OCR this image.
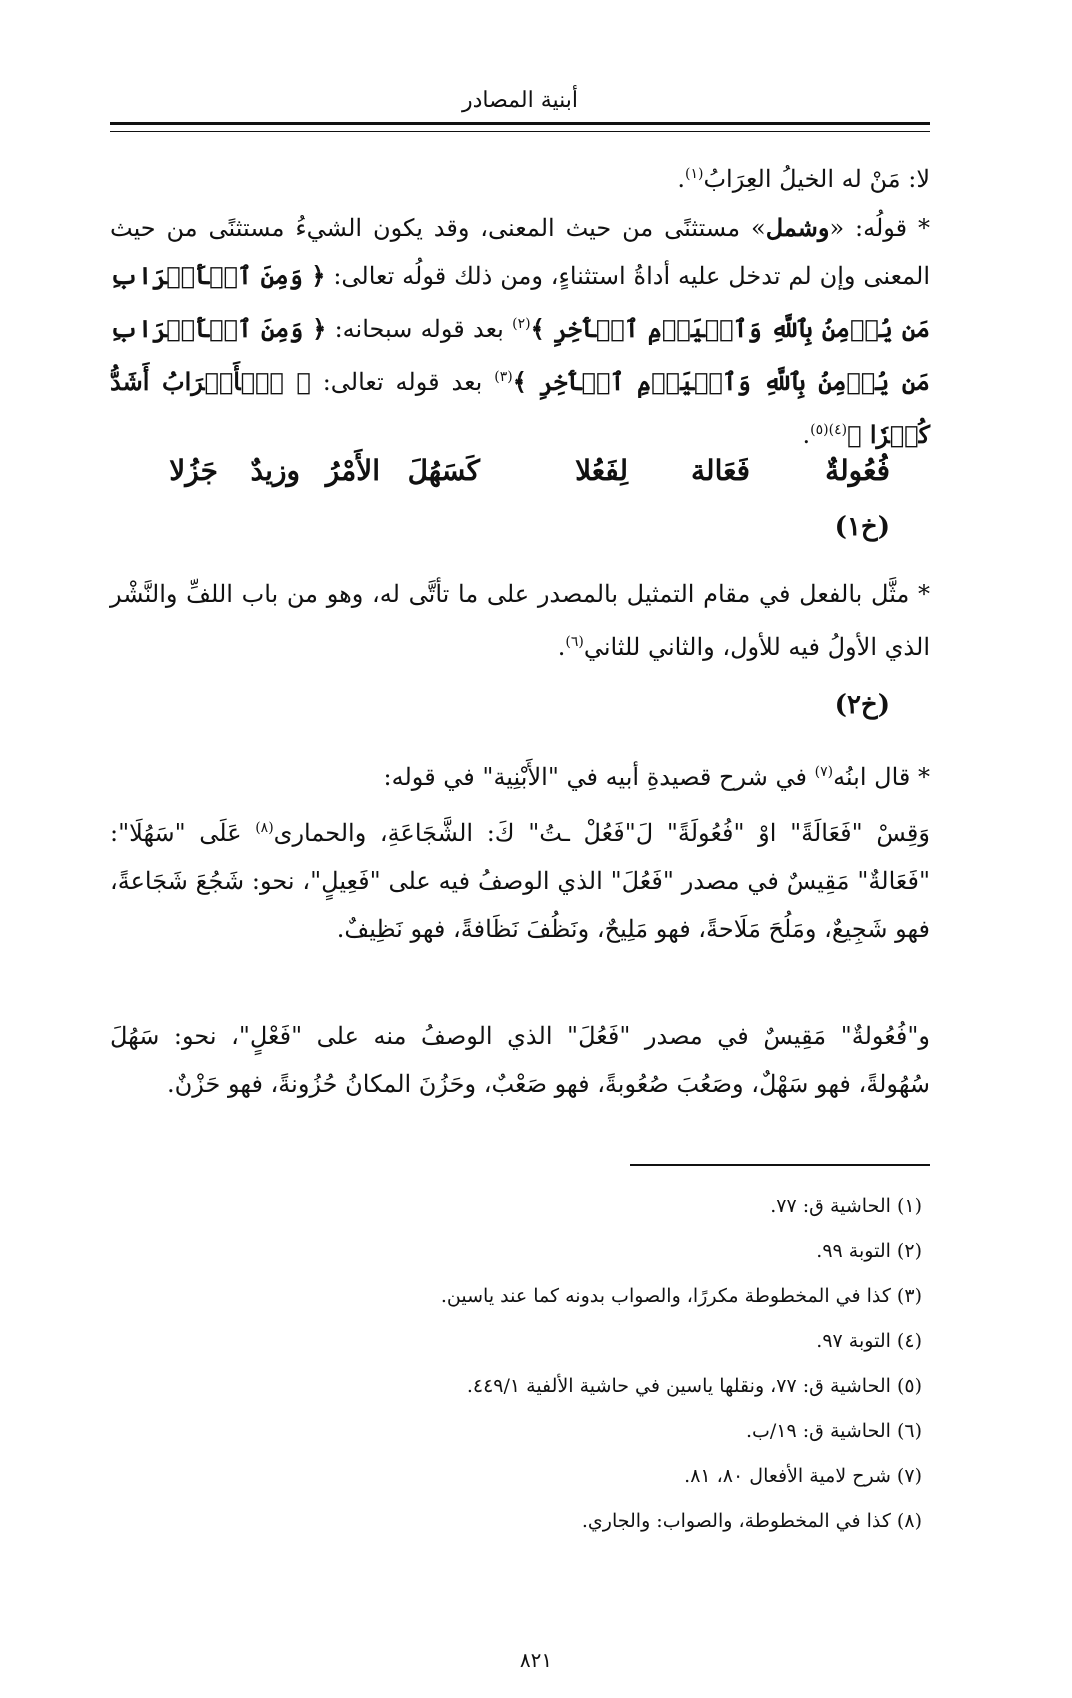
أبنية المصادر

لا: مَنْ له الخيلُ العِرَابُ$^{(١)}$.

* قولُه: «وشمل» مستثنًى من حيث المعنى، وقد يكون الشيءُ مستثنًى من حيث المعنى وإن لم تدخل عليه أداةُ استثناءٍ، ومن ذلك قولُه تعالى: ﴿ وَمِنَ ٱلۡأَعۡرَابِ مَن يُؤۡمِنُ بِٱللَّهِ وَٱلۡيَوۡمِ ٱلۡأٓخِرِ ﴾$^{(٢)}$ بعد قوله سبحانه: ﴿ وَمِنَ ٱلۡأَعۡرَابِ مَن يُؤۡمِنُ بِٱللَّهِ وَٱلۡيَوۡمِ ٱلۡأٓخِرِ ﴾$^{(٣)}$ بعد قوله تعالى: ﴿ ٱلۡأَعۡرَابُ أَشَدُّ كُفۡرٗا ﴾$^{(٤)(٥)}$.

فُعُولةٌ
فَعَالة
لِفَعُلا
كَسَهُلَ
الأَمْرُ
وزيدٌ
جَزُلا
(خ١)

* مثَّل بالفعل في مقام التمثيل بالمصدر على ما تأتَّى له، وهو من باب اللفِّ والنَّشْر الذي الأولُ فيه للأول، والثاني للثاني$^{(٦)}$.

(خ٢)

* قال ابنُه$^{(٧)}$ في شرح قصيدةِ أبيه في "الأَبْنِية" في قوله:

وَقِسْ "فَعَالَةً" اوْ "فُعُولَةً" لَ"فَعُلْ ـتُ" كَ: الشَّجَاعَةِ، والحمارى$^{(٨)}$ عَلَى "سَهُلَا": "فَعَالةٌ" مَقِيسٌ في مصدر "فَعُلَ" الذي الوصفُ فيه على "فَعِيلٍ"، نحو: شَجُعَ شَجَاعةً، فهو شَجِيعٌ، ومَلُحَ مَلَاحةً، فهو مَلِيحٌ، ونَظُفَ نَظَافةً، فهو نَظِيفٌ.

و"فُعُولةٌ" مَقِيسٌ في مصدر "فَعُلَ" الذي الوصفُ منه على "فَعْلٍ"، نحو: سَهُلَ سُهُولةً، فهو سَهْلٌ، وصَعُبَ صُعُوبةً، فهو صَعْبٌ، وحَزُنَ المكانُ حُزُونةً، فهو حَزْنٌ.

(١) الحاشية ق: ٧٧.

(٢) التوبة ٩٩.

(٣) كذا في المخطوطة مكررًا، والصواب بدونه كما عند ياسين.

(٤) التوبة ٩٧.

(٥) الحاشية ق: ٧٧، ونقلها ياسين في حاشية الألفية ٤٤٩/١.

(٦) الحاشية ق: ١٩/ب.

(٧) شرح لامية الأفعال ٨٠، ٨١.

(٨) كذا في المخطوطة، والصواب: والجاري.

٨٢١
